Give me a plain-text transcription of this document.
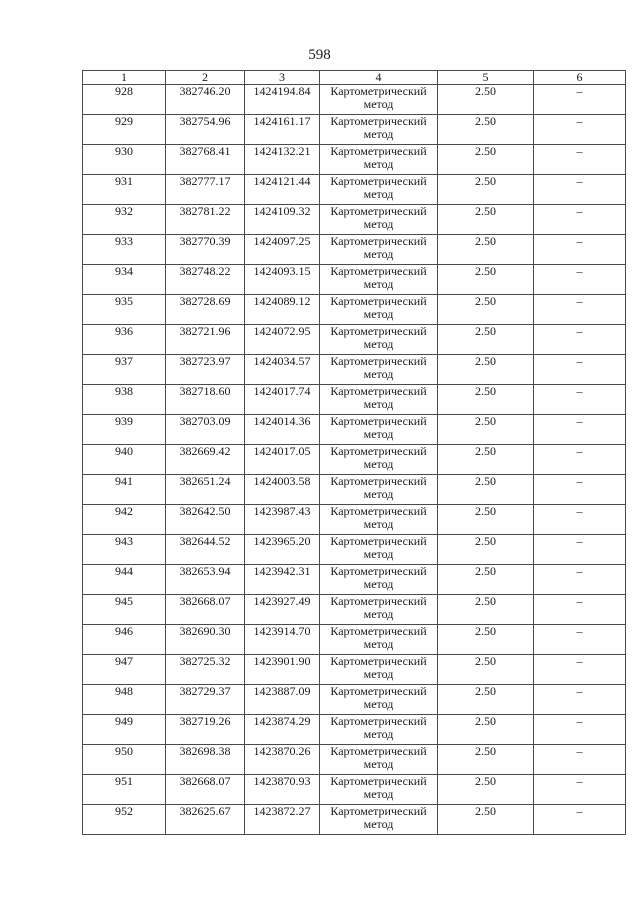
598
1	2	3	4	5	6
928	382746.20	1424194.84	Картометрический метод	2.50	–
929	382754.96	1424161.17	Картометрический метод	2.50	–
930	382768.41	1424132.21	Картометрический метод	2.50	–
931	382777.17	1424121.44	Картометрический метод	2.50	–
932	382781.22	1424109.32	Картометрический метод	2.50	–
933	382770.39	1424097.25	Картометрический метод	2.50	–
934	382748.22	1424093.15	Картометрический метод	2.50	–
935	382728.69	1424089.12	Картометрический метод	2.50	–
936	382721.96	1424072.95	Картометрический метод	2.50	–
937	382723.97	1424034.57	Картометрический метод	2.50	–
938	382718.60	1424017.74	Картометрический метод	2.50	–
939	382703.09	1424014.36	Картометрический метод	2.50	–
940	382669.42	1424017.05	Картометрический метод	2.50	–
941	382651.24	1424003.58	Картометрический метод	2.50	–
942	382642.50	1423987.43	Картометрический метод	2.50	–
943	382644.52	1423965.20	Картометрический метод	2.50	–
944	382653.94	1423942.31	Картометрический метод	2.50	–
945	382668.07	1423927.49	Картометрический метод	2.50	–
946	382690.30	1423914.70	Картометрический метод	2.50	–
947	382725.32	1423901.90	Картометрический метод	2.50	–
948	382729.37	1423887.09	Картометрический метод	2.50	–
949	382719.26	1423874.29	Картометрический метод	2.50	–
950	382698.38	1423870.26	Картометрический метод	2.50	–
951	382668.07	1423870.93	Картометрический метод	2.50	–
952	382625.67	1423872.27	Картометрический метод	2.50	–
